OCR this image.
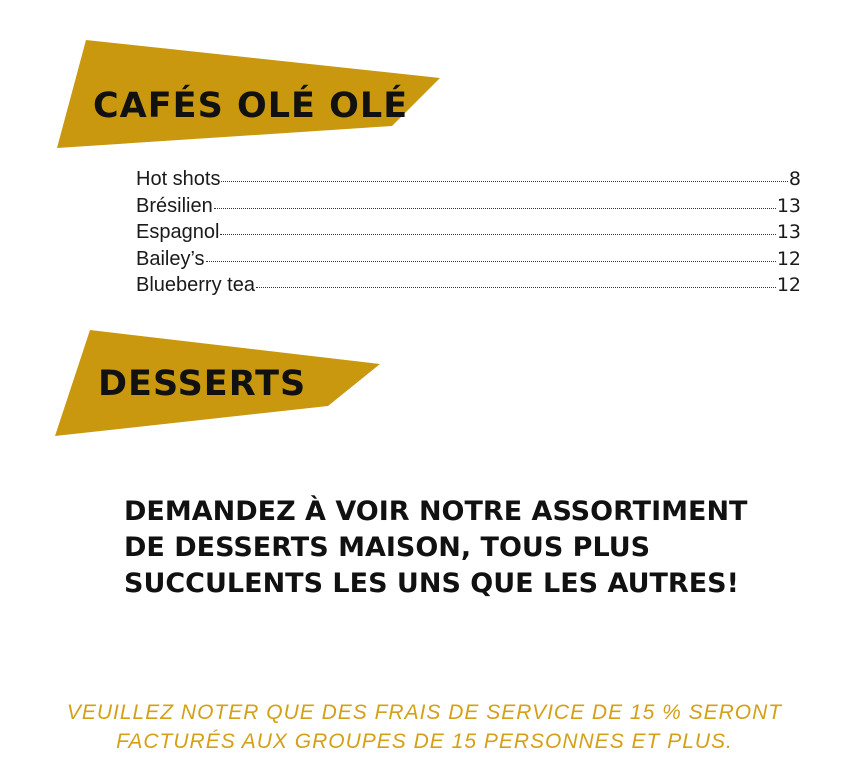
CAFÉS OLÉ OLÉ
Hot shots	8
Brésilien	13
Espagnol	13
Bailey’s	12
Blueberry tea	12
DESSERTS

DEMANDEZ À VOIR NOTRE ASSORTIMENT
DE DESSERTS MAISON, TOUS PLUS
SUCCULENTS LES UNS QUE LES AUTRES!

VEUILLEZ NOTER QUE DES FRAIS DE SERVICE DE 15 % SERONT
FACTURÉS AUX GROUPES DE 15 PERSONNES ET PLUS.
